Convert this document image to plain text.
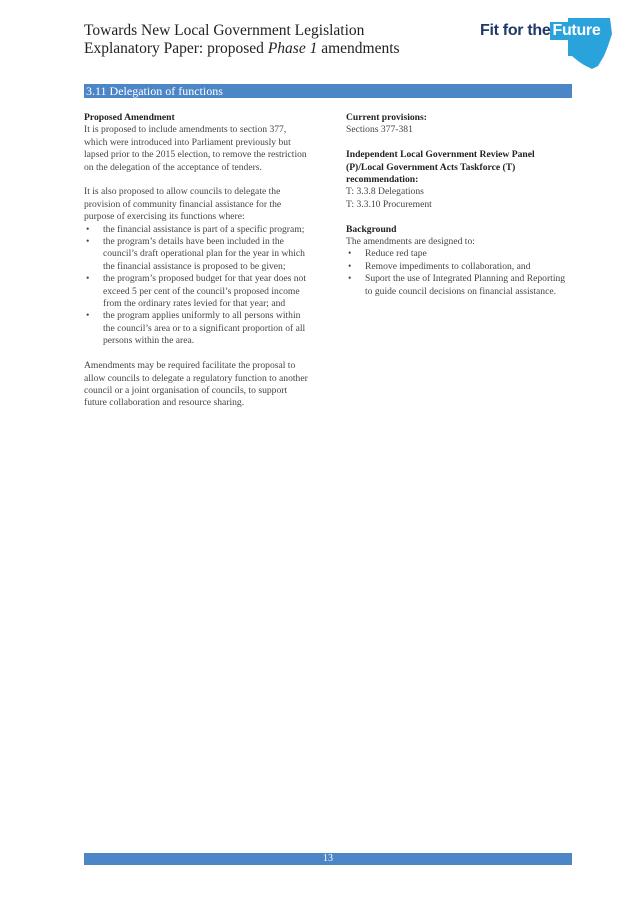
Towards New Local Government Legislation
Explanatory Paper: proposed Phase 1 amendments
Fit for the Future
3.11 Delegation of functions

Proposed Amendment

It is proposed to include amendments to section 377, which were introduced into Parliament previously but lapsed prior to the 2015 election, to remove the restriction on the delegation of the acceptance of tenders.

It is also proposed to allow councils to delegate the provision of community financial assistance for the purpose of exercising its functions where:

• the financial assistance is part of a specific program;
• the program’s details have been included in the council’s draft operational plan for the year in which the financial assistance is proposed to be given;
• the program’s proposed budget for that year does not exceed 5 per cent of the council’s proposed income from the ordinary rates levied for that year; and
• the program applies uniformly to all persons within the council’s area or to a significant proportion of all persons within the area.

Amendments may be required facilitate the proposal to allow councils to delegate a regulatory function to another council or a joint organisation of councils, to support future collaboration and resource sharing.

Current provisions:

Sections 377-381

Independent Local Government Review Panel (P)/Local Government Acts Taskforce (T) recommendation:

T: 3.3.8 Delegations

T: 3.3.10 Procurement

Background

The amendments are designed to:

• Reduce red tape
• Remove impediments to collaboration, and
• Suport the use of Integrated Planning and Reporting to guide council decisions on financial assistance.
13
